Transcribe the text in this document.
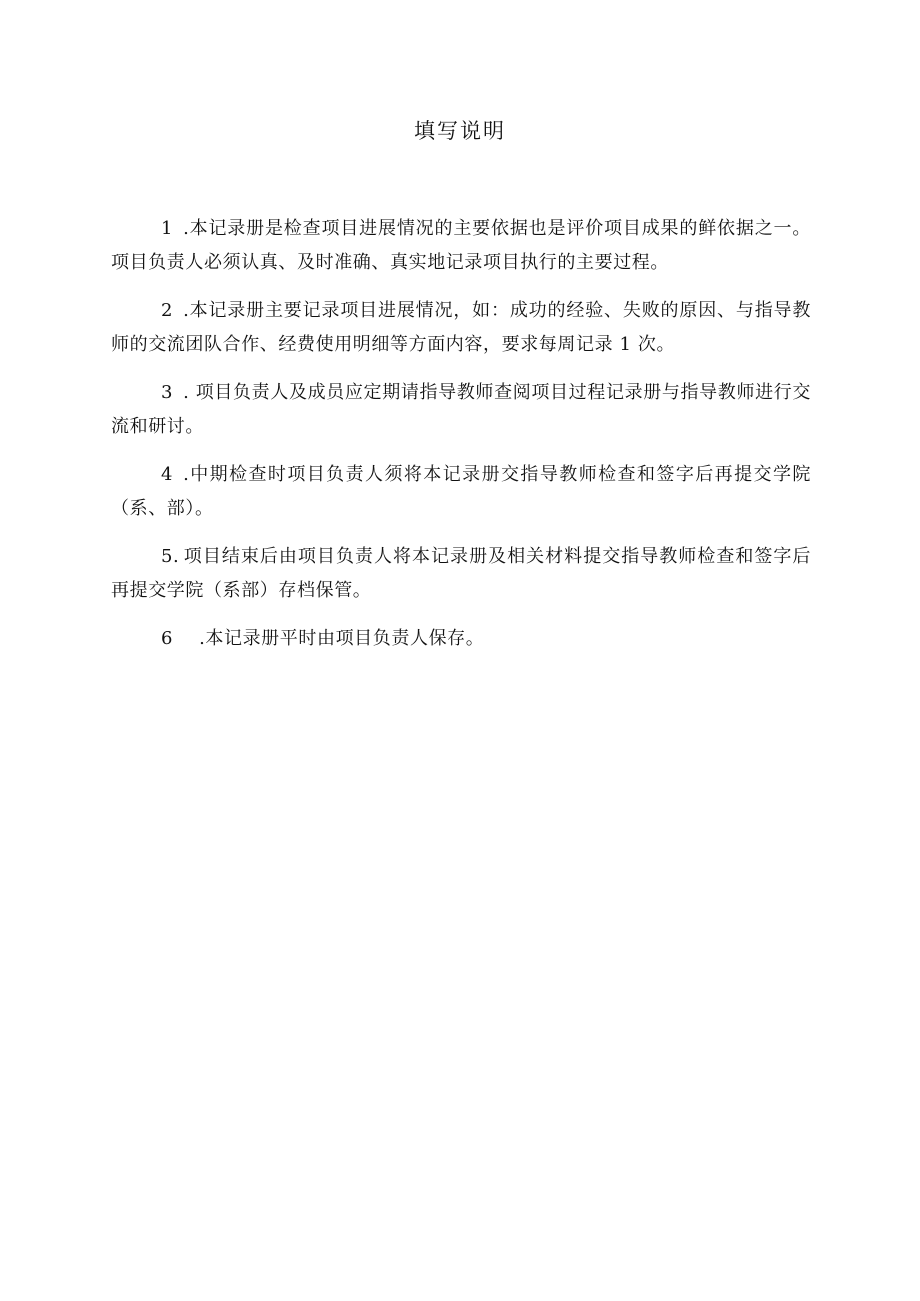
填写说明

1 .本记录册是检查项目进展情况的主要依据也是评价项目成果的鲜依据之一。项目负责人必须认真、及时准确、真实地记录项目执行的主要过程。

2 .本记录册主要记录项目进展情况，如：成功的经验、失败的原因、与指导教师的交流团队合作、经费使用明细等方面内容，要求每周记录 1 次。

3 . 项目负责人及成员应定期请指导教师查阅项目过程记录册与指导教师进行交流和研讨。

4 .中期检查时项目负责人须将本记录册交指导教师检查和签字后再提交学院（系、部）。

5. 项目结束后由项目负责人将本记录册及相关材料提交指导教师检查和签字后再提交学院（系部）存档保管。

6 .本记录册平时由项目负责人保存。
